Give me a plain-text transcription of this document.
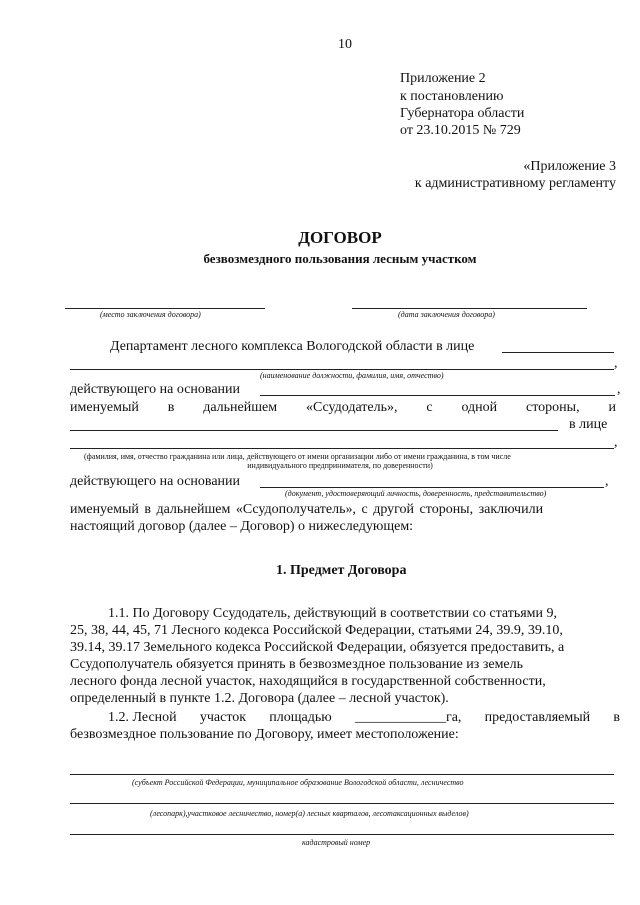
10
Приложение 2
к постановлению
Губернатора области
от 23.10.2015 № 729
«Приложение 3
к административному регламенту
ДОГОВОР
безвозмездного пользования лесным участком
(место заключения договора)	(дата заключения договора)
Департамент лесного комплекса Вологодской области в лице
,
(наименование должности, фамилия, имя, отчество)
действующего на основании	,
именуемый в дальнейшем «Ссудодатель», с одной стороны, и
в лице
,
(фамилия, имя, отчество гражданина или лица, действующего от имени организации либо от имени гражданина, в том числе
индивидуального предпринимателя, по доверенности)
действующего на основании	,
(документ, удостоверяющий личность, доверенность, представительство)
именуемый в дальнейшем «Ссудополучатель», с другой стороны, заключили
настоящий договор (далее – Договор) о нижеследующем:
1. Предмет Договора
1.1. По Договору Ссудодатель, действующий в соответствии со статьями 9,
25, 38, 44, 45, 71 Лесного кодекса Российской Федерации, статьями 24, 39.9, 39.10,
39.14, 39.17 Земельного кодекса Российской Федерации, обязуется предоставить, а
Ссудополучатель обязуется принять в безвозмездное пользование из земель
лесного фонда лесной участок, находящийся в государственной собственности,
определенный в пункте 1.2. Договора (далее – лесной участок).
1.2. Лесной участок площадью _____________га, предоставляемый в
безвозмездное пользование по Договору, имеет местоположение:
(субъект Российской Федерации, муниципальное образование Вологодской области, лесничество
(лесопарк),участковое лесничество, номер(а) лесных кварталов, лесотаксационных выделов)
кадастровый номер
